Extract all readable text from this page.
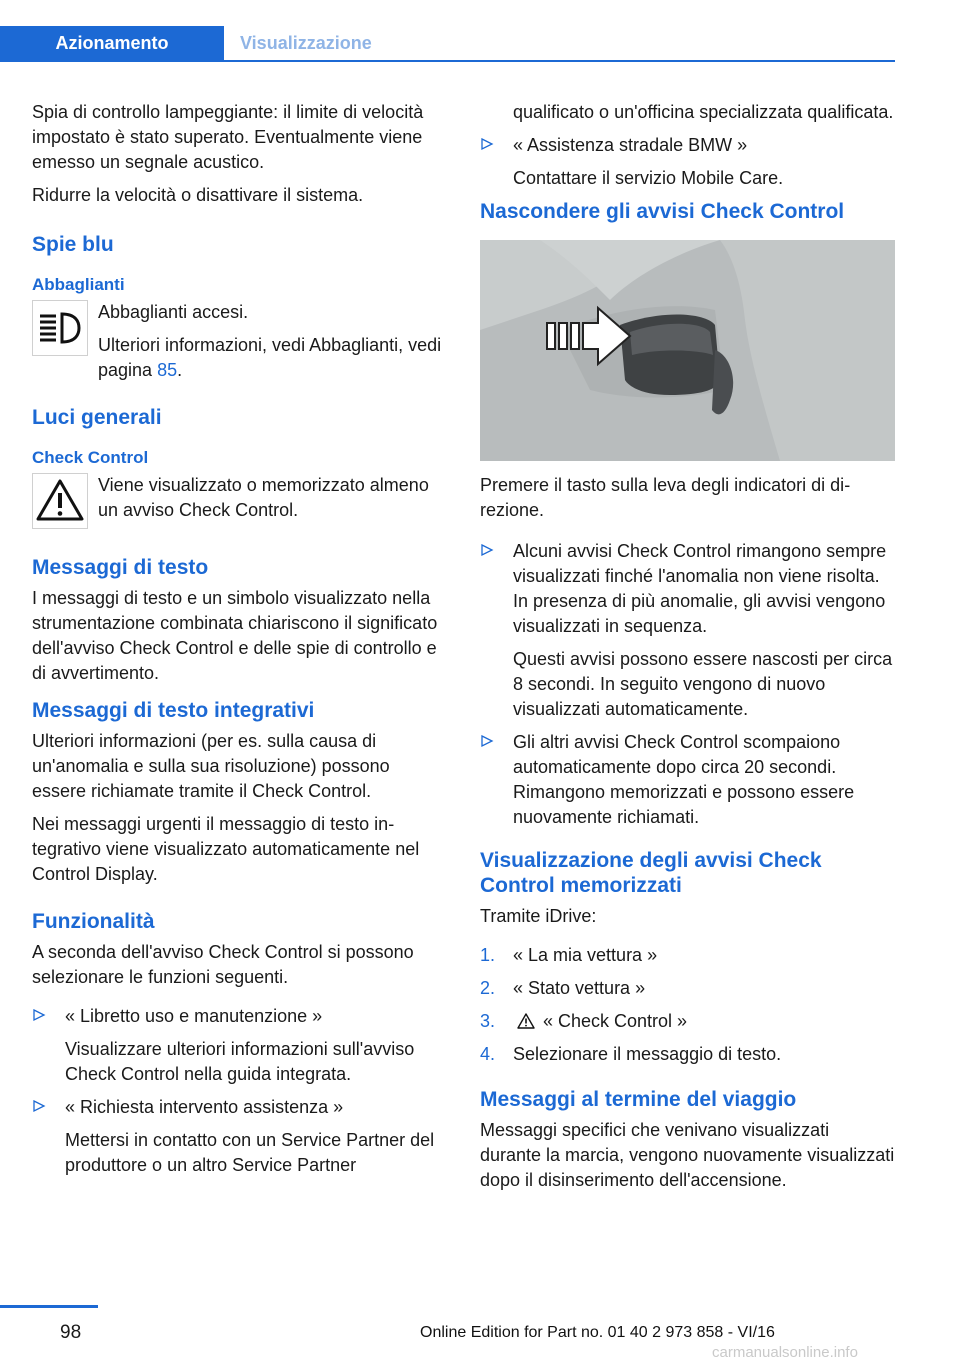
Azionamento	Visualizzazione

Spia di controllo lampeggiante: il limite di velocità impostato è stato superato. Eventualmente viene emesso un segnale acustico.

Ridurre la velocità o disattivare il sistema.

Spie blu
Abbaglianti

Abbaglianti accesi.

Ulteriori informazioni, vedi Abbaglianti, vedi pagina 85.

Luci generali
Check Control

Viene visualizzato o memorizzato almeno un avviso Check Control.

Messaggi di testo

I messaggi di testo e un simbolo visualizzato nella strumentazione combinata chiariscono il significato dell'avviso Check Control e delle spie di controllo e di avvertimento.

Messaggi di testo integrativi

Ulteriori informazioni (per es. sulla causa di un'anomalia e sulla sua risoluzione) possono essere richiamate tramite il Check Control.

Nei messaggi urgenti il messaggio di testo integrativo viene visualizzato automaticamente nel Control Display.

Funzionalità

A seconda dell'avviso Check Control si possono selezionare le funzioni seguenti.

« Libretto uso e manutenzione »

Visualizzare ulteriori informazioni sull'avviso Check Control nella guida integrata.

« Richiesta intervento assistenza »

Mettersi in contatto con un Service Partner del produttore o un altro Service Partner

qualificato o un'officina specializzata qualificata.

« Assistenza stradale BMW »

Contattare il servizio Mobile Care.

Nascondere gli avvisi Check Control

Premere il tasto sulla leva degli indicatori di direzione.

Alcuni avvisi Check Control rimangono sempre visualizzati finché l'anomalia non viene risolta. In presenza di più anomalie, gli avvisi vengono visualizzati in sequenza.

Questi avvisi possono essere nascosti per circa 8 secondi. In seguito vengono di nuovo visualizzati automaticamente.

Gli altri avvisi Check Control scompaiono automaticamente dopo circa 20 secondi. Rimangono memorizzati e possono essere nuovamente richiamati.

Visualizzazione degli avvisi Check Control memorizzati

Tramite iDrive:

1. « La mia vettura »
2. « Stato vettura »
3.	« Check Control »
4. Selezionare il messaggio di testo.
Messaggi al termine del viaggio

Messaggi specifici che venivano visualizzati durante la marcia, vengono nuovamente visualizzati dopo il disinserimento dell'accensione.

98	Online Edition for Part no. 01 40 2 973 858 - VI/16
carmanualsonline.info
